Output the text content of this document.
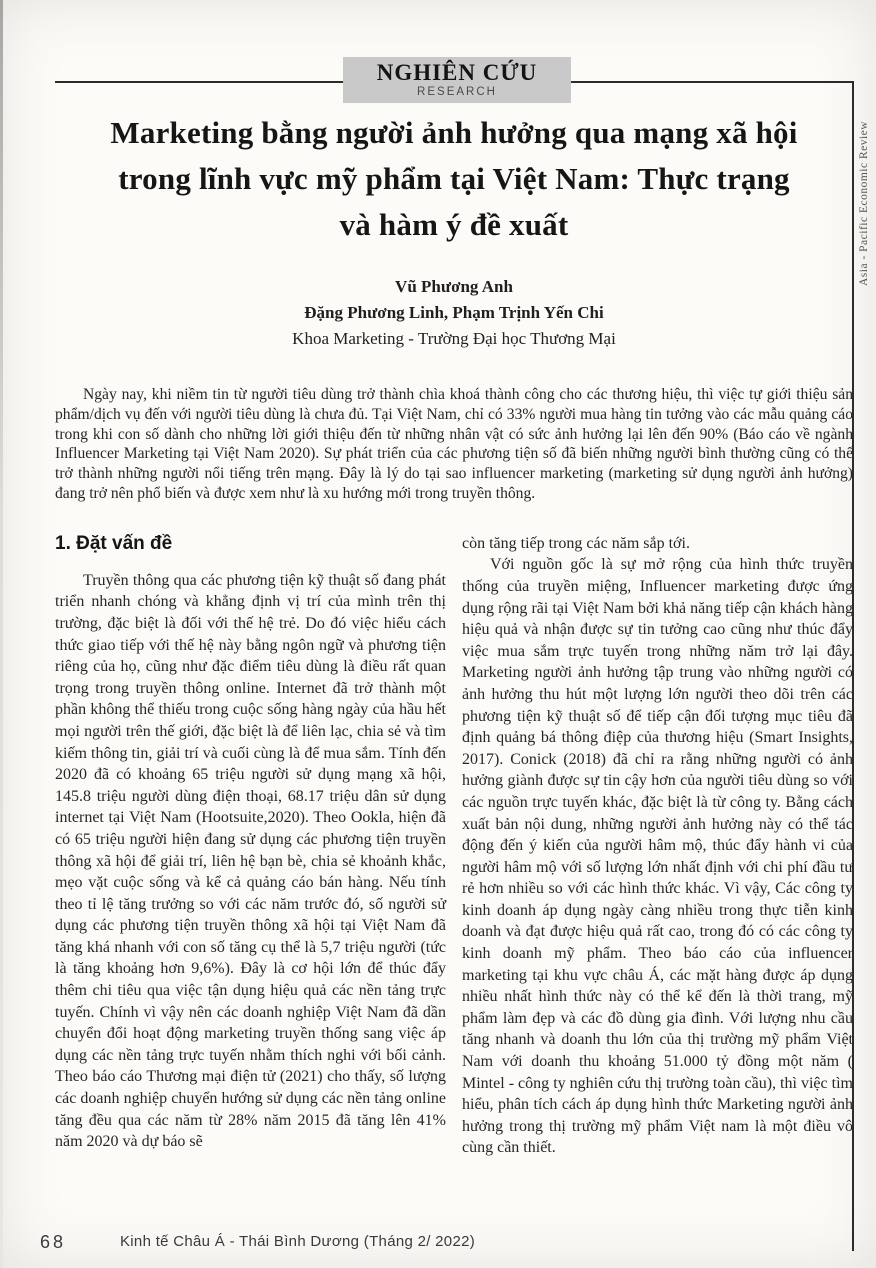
NGHIÊN CỨU
RESEARCH
Asia - Pacific Economic Review
Marketing bằng người ảnh hưởng qua mạng xã hội
trong lĩnh vực mỹ phẩm tại Việt Nam: Thực trạng
và hàm ý đề xuất
Vũ Phương Anh
Đặng Phương Linh, Phạm Trịnh Yến Chi
Khoa Marketing - Trường Đại học Thương Mại

Ngày nay, khi niềm tin từ người tiêu dùng trở thành chìa khoá thành công cho các thương hiệu, thì việc tự giới thiệu sản phẩm/dịch vụ đến với người tiêu dùng là chưa đủ. Tại Việt Nam, chỉ có 33% người mua hàng tin tưởng vào các mẫu quảng cáo trong khi con số dành cho những lời giới thiệu đến từ những nhân vật có sức ảnh hưởng lại lên đến 90% (Báo cáo về ngành Influencer Marketing tại Việt Nam 2020). Sự phát triển của các phương tiện số đã biến những người bình thường cũng có thể trở thành những người nổi tiếng trên mạng. Đây là lý do tại sao influencer marketing (marketing sử dụng người ảnh hưởng) đang trở nên phổ biến và được xem như là xu hướng mới trong truyền thông.

1. Đặt vấn đề

Truyền thông qua các phương tiện kỹ thuật số đang phát triển nhanh chóng và khẳng định vị trí của mình trên thị trường, đặc biệt là đối với thế hệ trẻ. Do đó việc hiểu cách thức giao tiếp với thế hệ này bằng ngôn ngữ và phương tiện riêng của họ, cũng như đặc điểm tiêu dùng là điều rất quan trọng trong truyền thông online. Internet đã trở thành một phần không thể thiếu trong cuộc sống hàng ngày của hầu hết mọi người trên thế giới, đặc biệt là để liên lạc, chia sẻ và tìm kiếm thông tin, giải trí và cuối cùng là để mua sắm. Tính đến 2020 đã có khoảng 65 triệu người sử dụng mạng xã hội, 145.8 triệu người dùng điện thoại, 68.17 triệu dân sử dụng internet tại Việt Nam (Hootsuite,2020). Theo Ookla, hiện đã có 65 triệu người hiện đang sử dụng các phương tiện truyền thông xã hội để giải trí, liên hệ bạn bè, chia sẻ khoảnh khắc, mẹo vặt cuộc sống và kể cả quảng cáo bán hàng. Nếu tính theo tỉ lệ tăng trưởng so với các năm trước đó, số người sử dụng các phương tiện truyền thông xã hội tại Việt Nam đã tăng khá nhanh với con số tăng cụ thể là 5,7 triệu người (tức là tăng khoảng hơn 9,6%). Đây là cơ hội lớn để thúc đẩy thêm chi tiêu qua việc tận dụng hiệu quả các nền tảng trực tuyến. Chính vì vậy nên các doanh nghiệp Việt Nam đã dần chuyển đổi hoạt động marketing truyền thống sang việc áp dụng các nền tảng trực tuyến nhằm thích nghi với bối cảnh. Theo báo cáo Thương mại điện tử (2021) cho thấy, số lượng các doanh nghiệp chuyển hướng sử dụng các nền tảng online tăng đều qua các năm từ 28% năm 2015 đã tăng lên 41% năm 2020 và dự báo sẽ

còn tăng tiếp trong các năm sắp tới.

Với nguồn gốc là sự mở rộng của hình thức truyền thống của truyền miệng, Influencer marketing được ứng dụng rộng rãi tại Việt Nam bởi khả năng tiếp cận khách hàng hiệu quả và nhận được sự tin tưởng cao cũng như thúc đẩy việc mua sắm trực tuyến trong những năm trở lại đây. Marketing người ảnh hưởng tập trung vào những người có ảnh hưởng thu hút một lượng lớn người theo dõi trên các phương tiện kỹ thuật số để tiếp cận đối tượng mục tiêu đã định quảng bá thông điệp của thương hiệu (Smart Insights, 2017). Conick (2018) đã chỉ ra rằng những người có ảnh hưởng giành được sự tin cậy hơn của người tiêu dùng so với các nguồn trực tuyến khác, đặc biệt là từ công ty. Bằng cách xuất bản nội dung, những người ảnh hưởng này có thể tác động đến ý kiến của người hâm mộ, thúc đẩy hành vi của người hâm mộ với số lượng lớn nhất định với chi phí đầu tư rẻ hơn nhiều so với các hình thức khác. Vì vậy, Các công ty kinh doanh áp dụng ngày càng nhiều trong thực tiễn kinh doanh và đạt được hiệu quả rất cao, trong đó có các công ty kinh doanh mỹ phẩm. Theo báo cáo của influencer marketing tại khu vực châu Á, các mặt hàng được áp dụng nhiều nhất hình thức này có thể kể đến là thời trang, mỹ phẩm làm đẹp và các đồ dùng gia đình. Với lượng nhu cầu tăng nhanh và doanh thu lớn của thị trường mỹ phẩm Việt Nam với doanh thu khoảng 51.000 tỷ đồng một năm ( Mintel - công ty nghiên cứu thị trường toàn cầu), thì việc tìm hiểu, phân tích cách áp dụng hình thức Marketing người ảnh hưởng trong thị trường mỹ phẩm Việt nam là một điều vô cùng cần thiết.

68	Kinh tế Châu Á - Thái Bình Dương (Tháng 2/ 2022)
